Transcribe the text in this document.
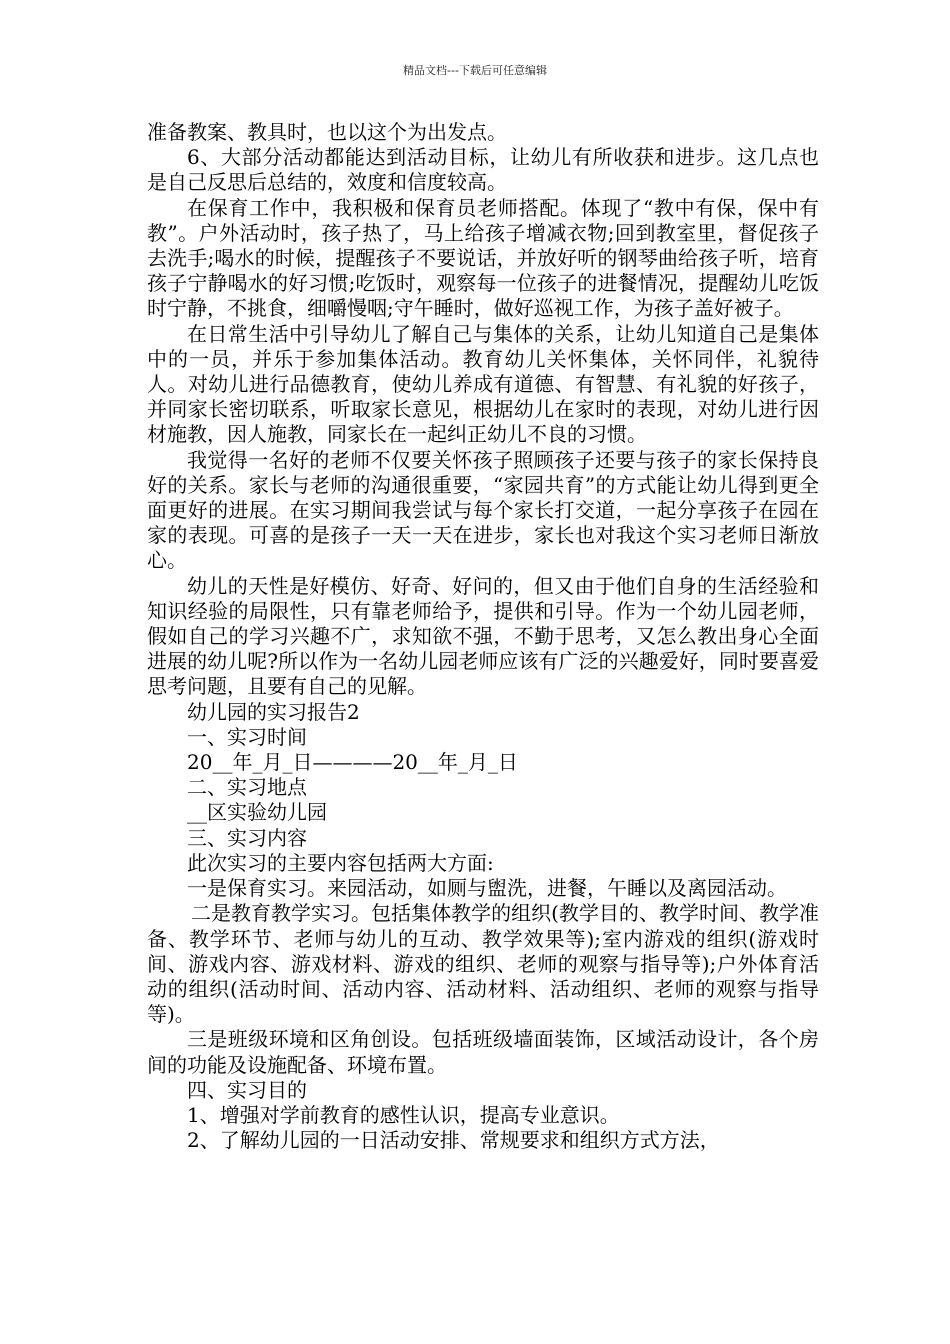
精品文档---下载后可任意编辑

准备教案、教具时，也以这个为出发点。

6、大部分活动都能达到活动目标，让幼儿有所收获和进步。这几点也是自己反思后总结的，效度和信度较高。

在保育工作中，我积极和保育员老师搭配。体现了“教中有保，保中有教”。户外活动时，孩子热了，马上给孩子增减衣物;回到教室里，督促孩子去洗手;喝水的时候，提醒孩子不要说话，并放好听的钢琴曲给孩子听，培育孩子宁静喝水的好习惯;吃饭时，观察每一位孩子的进餐情况，提醒幼儿吃饭时宁静，不挑食，细嚼慢咽;守午睡时，做好巡视工作，为孩子盖好被子。

在日常生活中引导幼儿了解自己与集体的关系，让幼儿知道自己是集体中的一员，并乐于参加集体活动。教育幼儿关怀集体，关怀同伴，礼貌待人。对幼儿进行品德教育，使幼儿养成有道德、有智慧、有礼貌的好孩子，并同家长密切联系，听取家长意见，根据幼儿在家时的表现，对幼儿进行因材施教，因人施教，同家长在一起纠正幼儿不良的习惯。

我觉得一名好的老师不仅要关怀孩子照顾孩子还要与孩子的家长保持良好的关系。家长与老师的沟通很重要，“家园共育”的方式能让幼儿得到更全面更好的进展。在实习期间我尝试与每个家长打交道，一起分享孩子在园在家的表现。可喜的是孩子一天一天在进步，家长也对我这个实习老师日渐放心。

幼儿的天性是好模仿、好奇、好问的，但又由于他们自身的生活经验和知识经验的局限性，只有靠老师给予，提供和引导。作为一个幼儿园老师，假如自己的学习兴趣不广，求知欲不强，不勤于思考，又怎么教出身心全面进展的幼儿呢?所以作为一名幼儿园老师应该有广泛的兴趣爱好，同时要喜爱思考问题，且要有自己的见解。

幼儿园的实习报告2

一、实习时间

20__年_月_日————20__年_月_日

二、实习地点

__区实验幼儿园

三、实习内容

此次实习的主要内容包括两大方面:

一是保育实习。来园活动，如厕与盥洗，进餐，午睡以及离园活动。

二是教育教学实习。包括集体教学的组织(教学目的、教学时间、教学准备、教学环节、老师与幼儿的互动、教学效果等);室内游戏的组织(游戏时间、游戏内容、游戏材料、游戏的组织、老师的观察与指导等);户外体育活动的组织(活动时间、活动内容、活动材料、活动组织、老师的观察与指导等)。

三是班级环境和区角创设。包括班级墙面装饰，区域活动设计，各个房间的功能及设施配备、环境布置。

四、实习目的

1、增强对学前教育的感性认识，提高专业意识。

2、了解幼儿园的一日活动安排、常规要求和组织方式方法，
